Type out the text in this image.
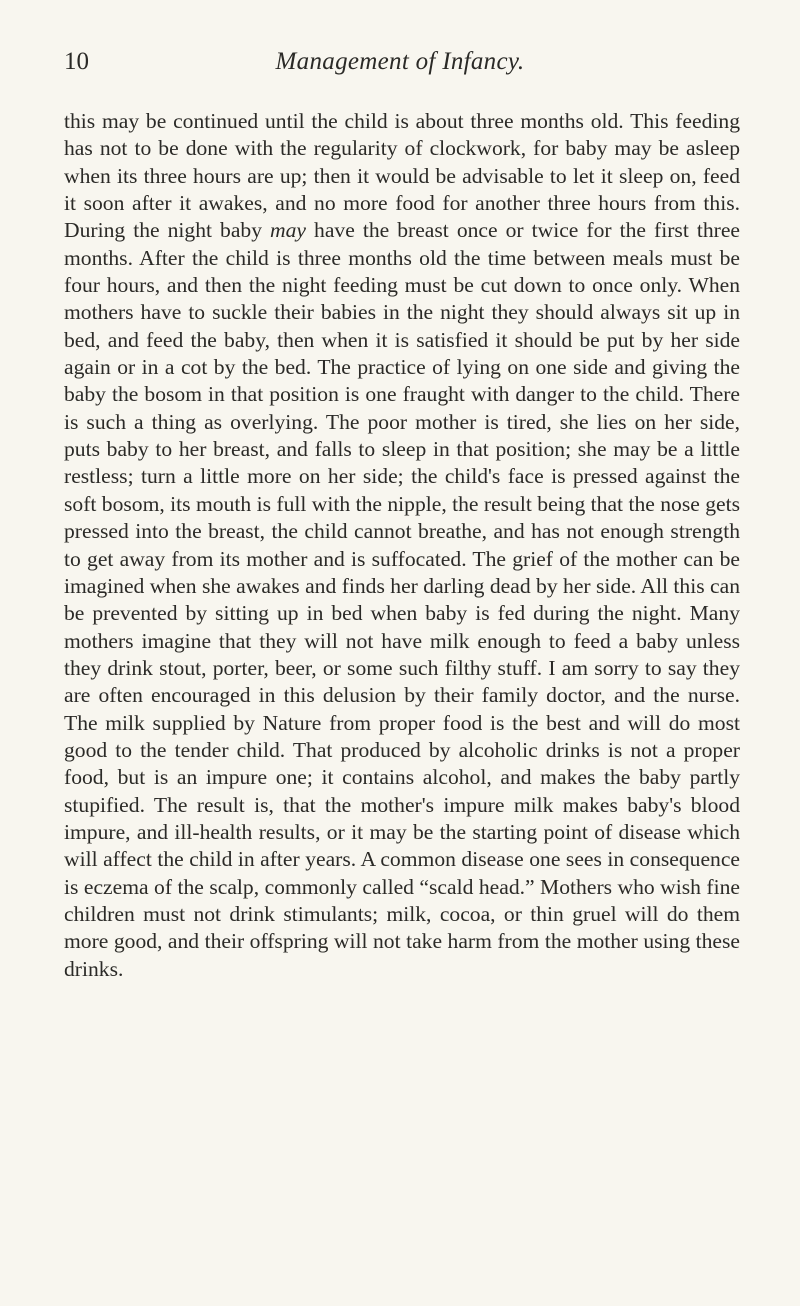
10	Management of Infancy.

this may be continued until the child is about three months old. This feeding has not to be done with the regularity of clockwork, for baby may be asleep when its three hours are up; then it would be advisable to let it sleep on, feed it soon after it awakes, and no more food for another three hours from this. During the night baby may have the breast once or twice for the first three months. After the child is three months old the time between meals must be four hours, and then the night feeding must be cut down to once only. When mothers have to suckle their babies in the night they should always sit up in bed, and feed the baby, then when it is satisfied it should be put by her side again or in a cot by the bed. The practice of lying on one side and giving the baby the bosom in that position is one fraught with danger to the child. There is such a thing as overlying. The poor mother is tired, she lies on her side, puts baby to her breast, and falls to sleep in that position; she may be a little restless; turn a little more on her side; the child's face is pressed against the soft bosom, its mouth is full with the nipple, the result being that the nose gets pressed into the breast, the child cannot breathe, and has not enough strength to get away from its mother and is suffocated. The grief of the mother can be imagined when she awakes and finds her darling dead by her side. All this can be prevented by sitting up in bed when baby is fed during the night. Many mothers imagine that they will not have milk enough to feed a baby unless they drink stout, porter, beer, or some such filthy stuff. I am sorry to say they are often encouraged in this delusion by their family doctor, and the nurse. The milk supplied by Nature from proper food is the best and will do most good to the tender child. That produced by alcoholic drinks is not a proper food, but is an impure one; it contains alcohol, and makes the baby partly stupified. The result is, that the mother's impure milk makes baby's blood impure, and ill-health results, or it may be the starting point of disease which will affect the child in after years. A common disease one sees in consequence is eczema of the scalp, commonly called “scald head.” Mothers who wish fine children must not drink stimulants; milk, cocoa, or thin gruel will do them more good, and their offspring will not take harm from the mother using these drinks.
